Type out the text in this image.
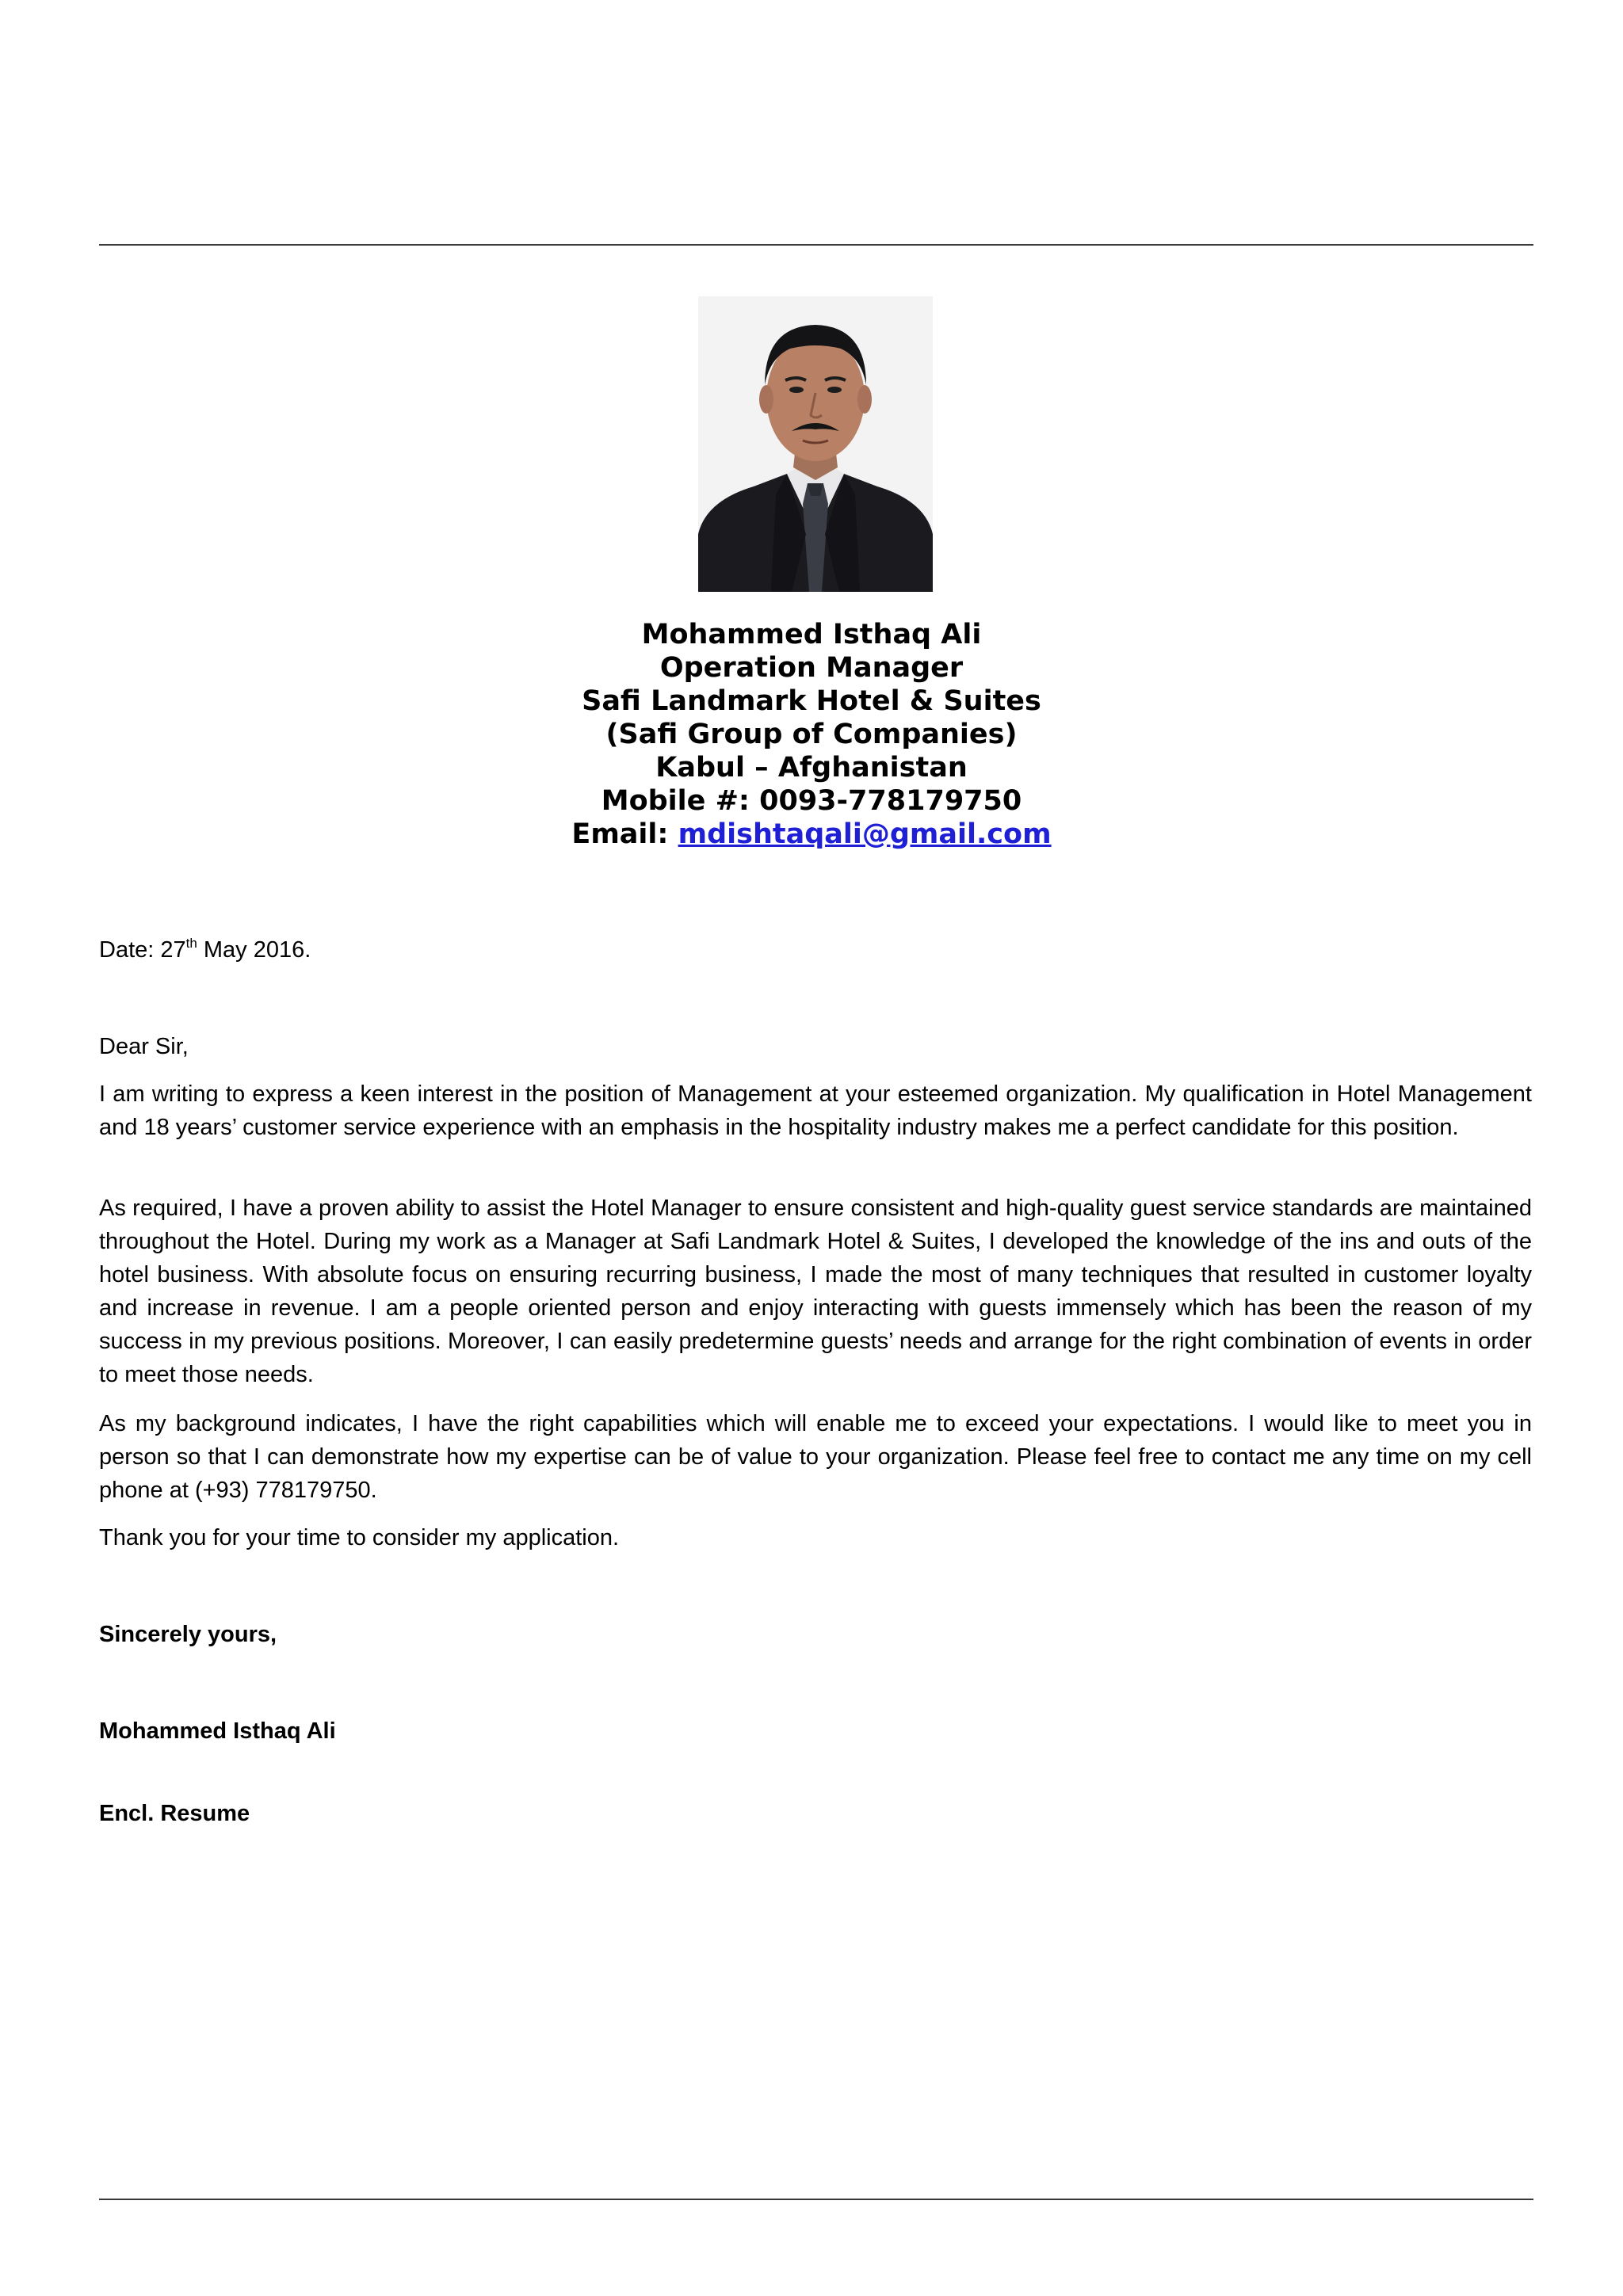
Mohammed Isthaq Ali
Operation Manager
Safi Landmark Hotel & Suites
(Safi Group of Companies)
Kabul – Afghanistan
Mobile #: 0093-778179750
Email: mdishtaqali@gmail.com
Date: 27th May 2016.
Dear Sir,

I am writing to express a keen interest in the position of Management at your esteemed organization. My qualification in Hotel Management and 18 years’ customer service experience with an emphasis in the hospitality industry makes me a perfect candidate for this position.

As required, I have a proven ability to assist the Hotel Manager to ensure consistent and high-quality guest service standards are maintained throughout the Hotel. During my work as a Manager at Safi Landmark Hotel & Suites, I developed the knowledge of the ins and outs of the hotel business. With absolute focus on ensuring recurring business, I made the most of many techniques that resulted in customer loyalty and increase in revenue. I am a people oriented person and enjoy interacting with guests immensely which has been the reason of my success in my previous positions. Moreover, I can easily predetermine guests’ needs and arrange for the right combination of events in order to meet those needs.

As my background indicates, I have the right capabilities which will enable me to exceed your expectations. I would like to meet you in person so that I can demonstrate how my expertise can be of value to your organization. Please feel free to contact me any time on my cell phone at (+93) 778179750.

Thank you for your time to consider my application.

Sincerely yours,
Mohammed Isthaq Ali
Encl. Resume
